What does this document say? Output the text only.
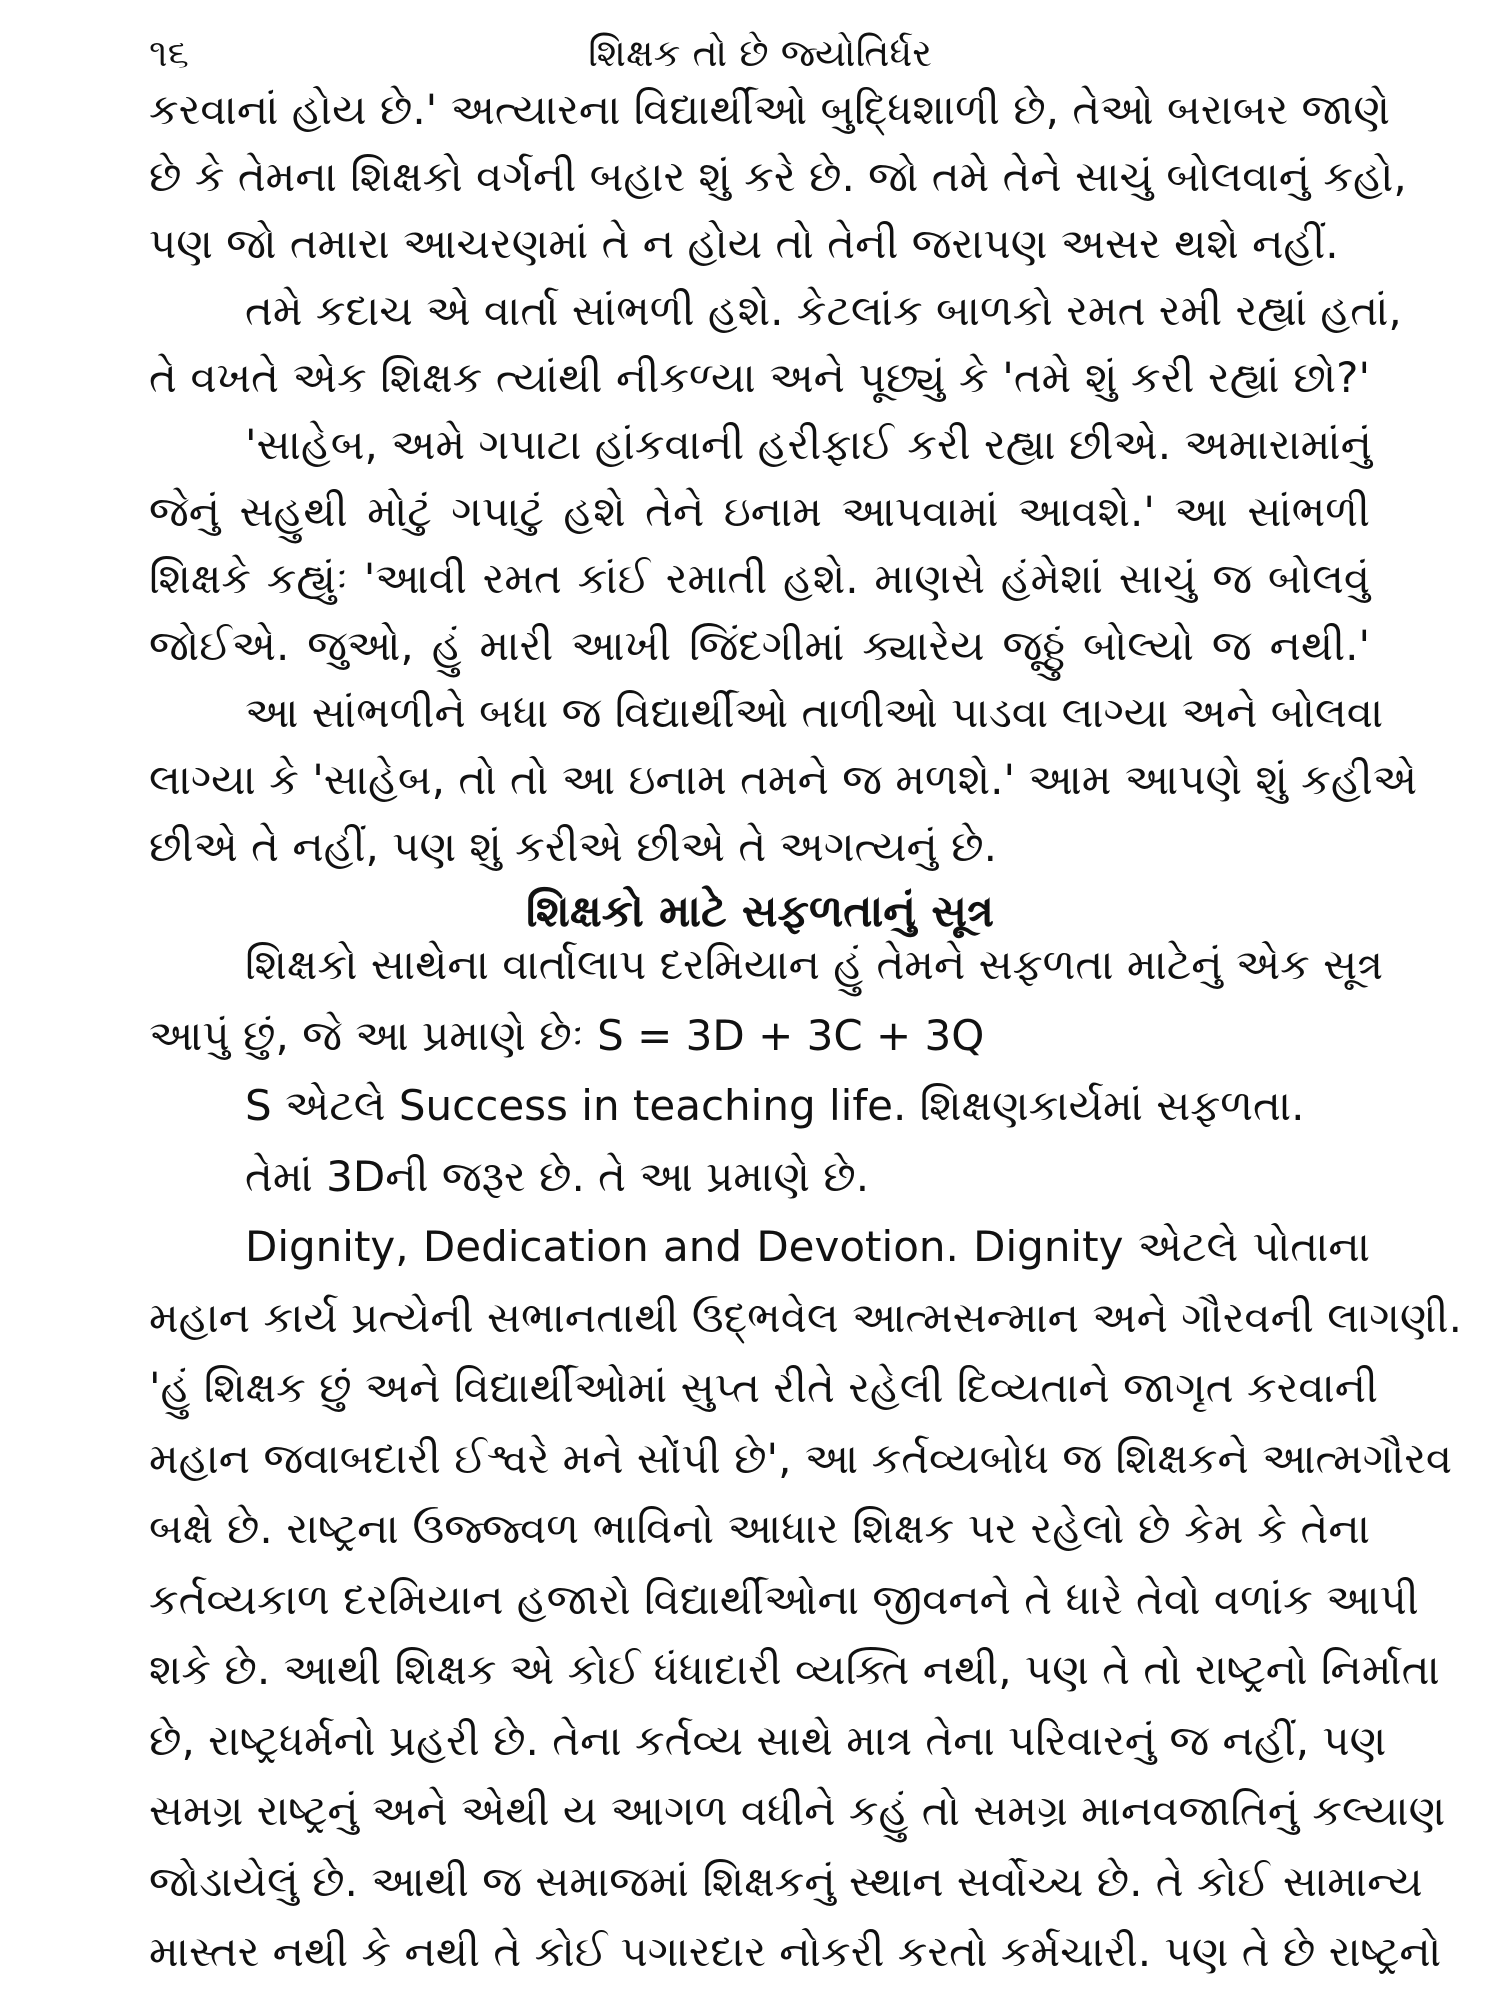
૧૬	શિક્ષક તો છે જ્યોતિર્ધર
કરવાનાં હોય છે.' અત્યારના વિદ્યાર્થીઓ બુદ્ધિશાળી છે, તેઓ બરાબર જાણે
છે કે તેમના શિક્ષકો વર્ગની બહાર શું કરે છે. જો તમે તેને સાચું બોલવાનું કહો,
પણ જો તમારા આચરણમાં તે ન હોય તો તેની જરાપણ અસર થશે નહીં.
તમે કદાચ એ વાર્તા સાંભળી હશે. કેટલાંક બાળકો રમત રમી રહ્યાં હતાં,
તે વખતે એક શિક્ષક ત્યાંથી નીકળ્યા અને પૂછ્યું કે 'તમે શું કરી રહ્યાં છો?'
'સાહેબ, અમે ગપાટા હાંકવાની હરીફાઈ કરી રહ્યા છીએ. અમારામાંનું
જેનું સહુથી મોટું ગપાટું હશે તેને ઇનામ આપવામાં આવશે.' આ સાંભળી
શિક્ષકે કહ્યુંઃ 'આવી રમત કાંઈ રમાતી હશે. માણસે હંમેશાં સાચું જ બોલવું
જોઈએ. જુઓ, હું મારી આખી જિંદગીમાં ક્યારેય જૂઠ્ઠું બોલ્યો જ નથી.'
આ સાંભળીને બધા જ વિદ્યાર્થીઓ તાળીઓ પાડવા લાગ્યા અને બોલવા
લાગ્યા કે 'સાહેબ, તો તો આ ઇનામ તમને જ મળશે.' આમ આપણે શું કહીએ
છીએ તે નહીં, પણ શું કરીએ છીએ તે અગત્યનું છે.
શિક્ષકો માટે સફળતાનું સૂત્ર
શિક્ષકો સાથેના વાર્તાલાપ દરમિયાન હું તેમને સફળતા માટેનું એક સૂત્ર
આપું છું, જે આ પ્રમાણે છેઃ S = 3D + 3C + 3Q
S એટલે Success in teaching life. શિક્ષણકાર્યમાં સફળતા.
તેમાં 3Dની જરૂર છે. તે આ પ્રમાણે છે.
Dignity, Dedication and Devotion. Dignity એટલે પોતાના
મહાન કાર્ય પ્રત્યેની સભાનતાથી ઉદ્ભવેલ આત્મસન્માન અને ગૌરવની લાગણી.
'હું શિક્ષક છું અને વિદ્યાર્થીઓમાં સુપ્ત રીતે રહેલી દિવ્યતાને જાગૃત કરવાની
મહાન જવાબદારી ઈશ્વરે મને સોંપી છે', આ કર્તવ્યબોધ જ શિક્ષકને આત્મગૌરવ
બક્ષે છે. રાષ્ટ્રના ઉજ્જ્વળ ભાવિનો આધાર શિક્ષક પર રહેલો છે કેમ કે તેના
કર્તવ્યકાળ દરમિયાન હજારો વિદ્યાર્થીઓના જીવનને તે ધારે તેવો વળાંક આપી
શકે છે. આથી શિક્ષક એ કોઈ ધંધાદારી વ્યક્તિ નથી, પણ તે તો રાષ્ટ્રનો નિર્માતા
છે, રાષ્ટ્રધર્મનો પ્રહરી છે. તેના કર્તવ્ય સાથે માત્ર તેના પરિવારનું જ નહીં, પણ
સમગ્ર રાષ્ટ્રનું અને એથી ય આગળ વધીને કહું તો સમગ્ર માનવજાતિનું કલ્યાણ
જોડાયેલું છે. આથી જ સમાજમાં શિક્ષકનું સ્થાન સર્વોચ્ચ છે. તે કોઈ સામાન્ય
માસ્તર નથી કે નથી તે કોઈ પગારદાર નોકરી કરતો કર્મચારી. પણ તે છે રાષ્ટ્રનો
